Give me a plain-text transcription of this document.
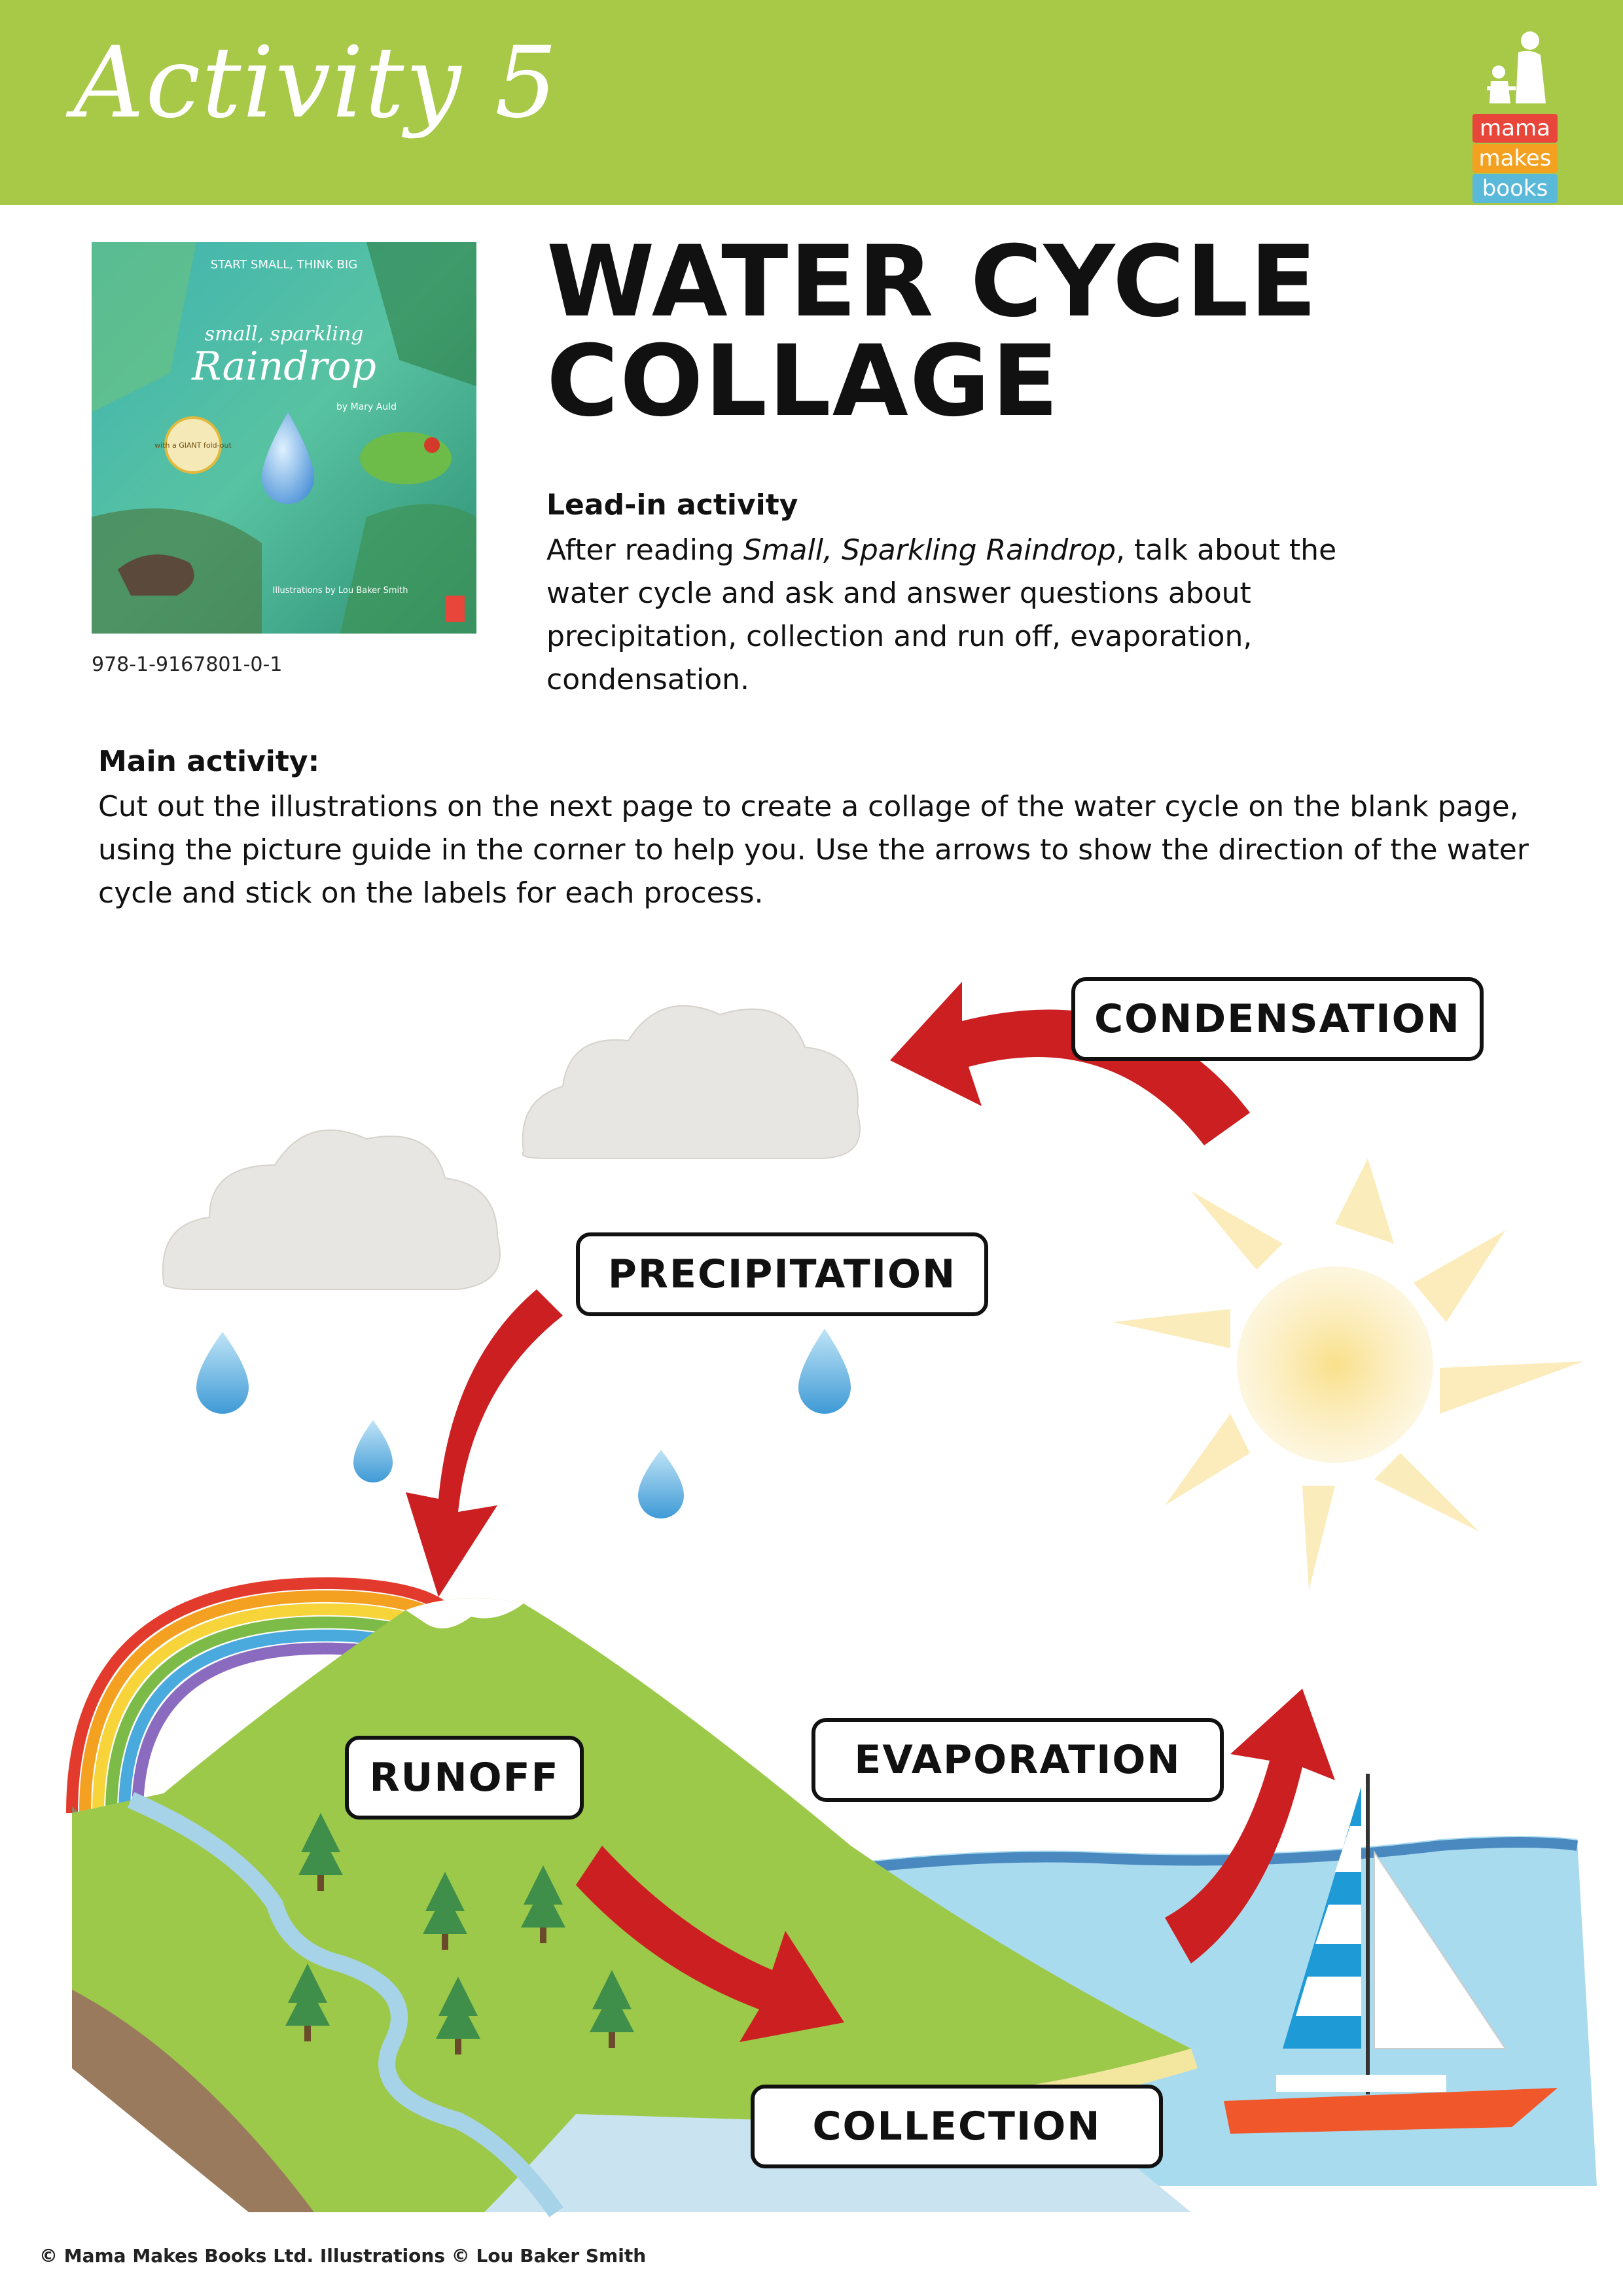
Activity 5	mama
makes
books
START SMALL, THINK BIG
small, sparkling
Raindrop
by Mary Auld
with a GIANT fold-out
Illustrations by Lou Baker Smith
978-1-9167801-0-1
WATER CYCLE
COLLAGE
Lead-in activity
After reading Small, Sparkling Raindrop, talk about the water cycle and ask and answer questions about precipitation, collection and run off, evaporation, condensation.
Main activity:
Cut out the illustrations on the next page to create a collage of the water cycle on the blank page, using the picture guide in the corner to help you. Use the arrows to show the direction of the water cycle and stick on the labels for each process.
CONDENSATION
PRECIPITATION
RUNOFF	EVAPORATION
COLLECTION
© Mama Makes Books Ltd. Illustrations © Lou Baker Smith
